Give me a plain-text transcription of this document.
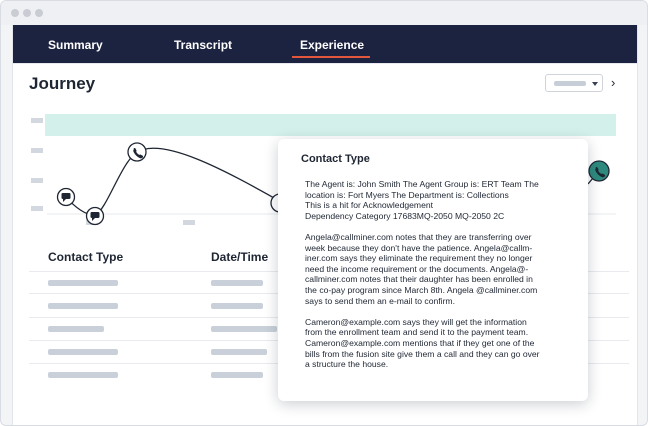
Summary	Transcript	Experience
Journey	›
Contact Type	Date/Time
Contact Type

The Agent is: John Smith The Agent Group is: ERT Team The
location is: Fort Myers The Department is: Collections
This is a hit for Acknowledgement
Dependency Category 17683MQ-2050 MQ-2050 2C

Angela@callminer.com notes that they are transferring over
week because they don't have the patience. Angela@callm-
iner.com says they eliminate the requirement they no longer
need the income requirement or the documents. Angela@-
callminer.com notes that their daughter has been enrolled in
the co-pay program since March 8th. Angela @callminer.com
says to send them an e-mail to confirm.

Cameron@example.com says they will get the information
from the enrollment team and send it to the payment team.
Cameron@example.com mentions that if they get one of the
bills from the fusion site give them a call and they can go over
a structure the house.
